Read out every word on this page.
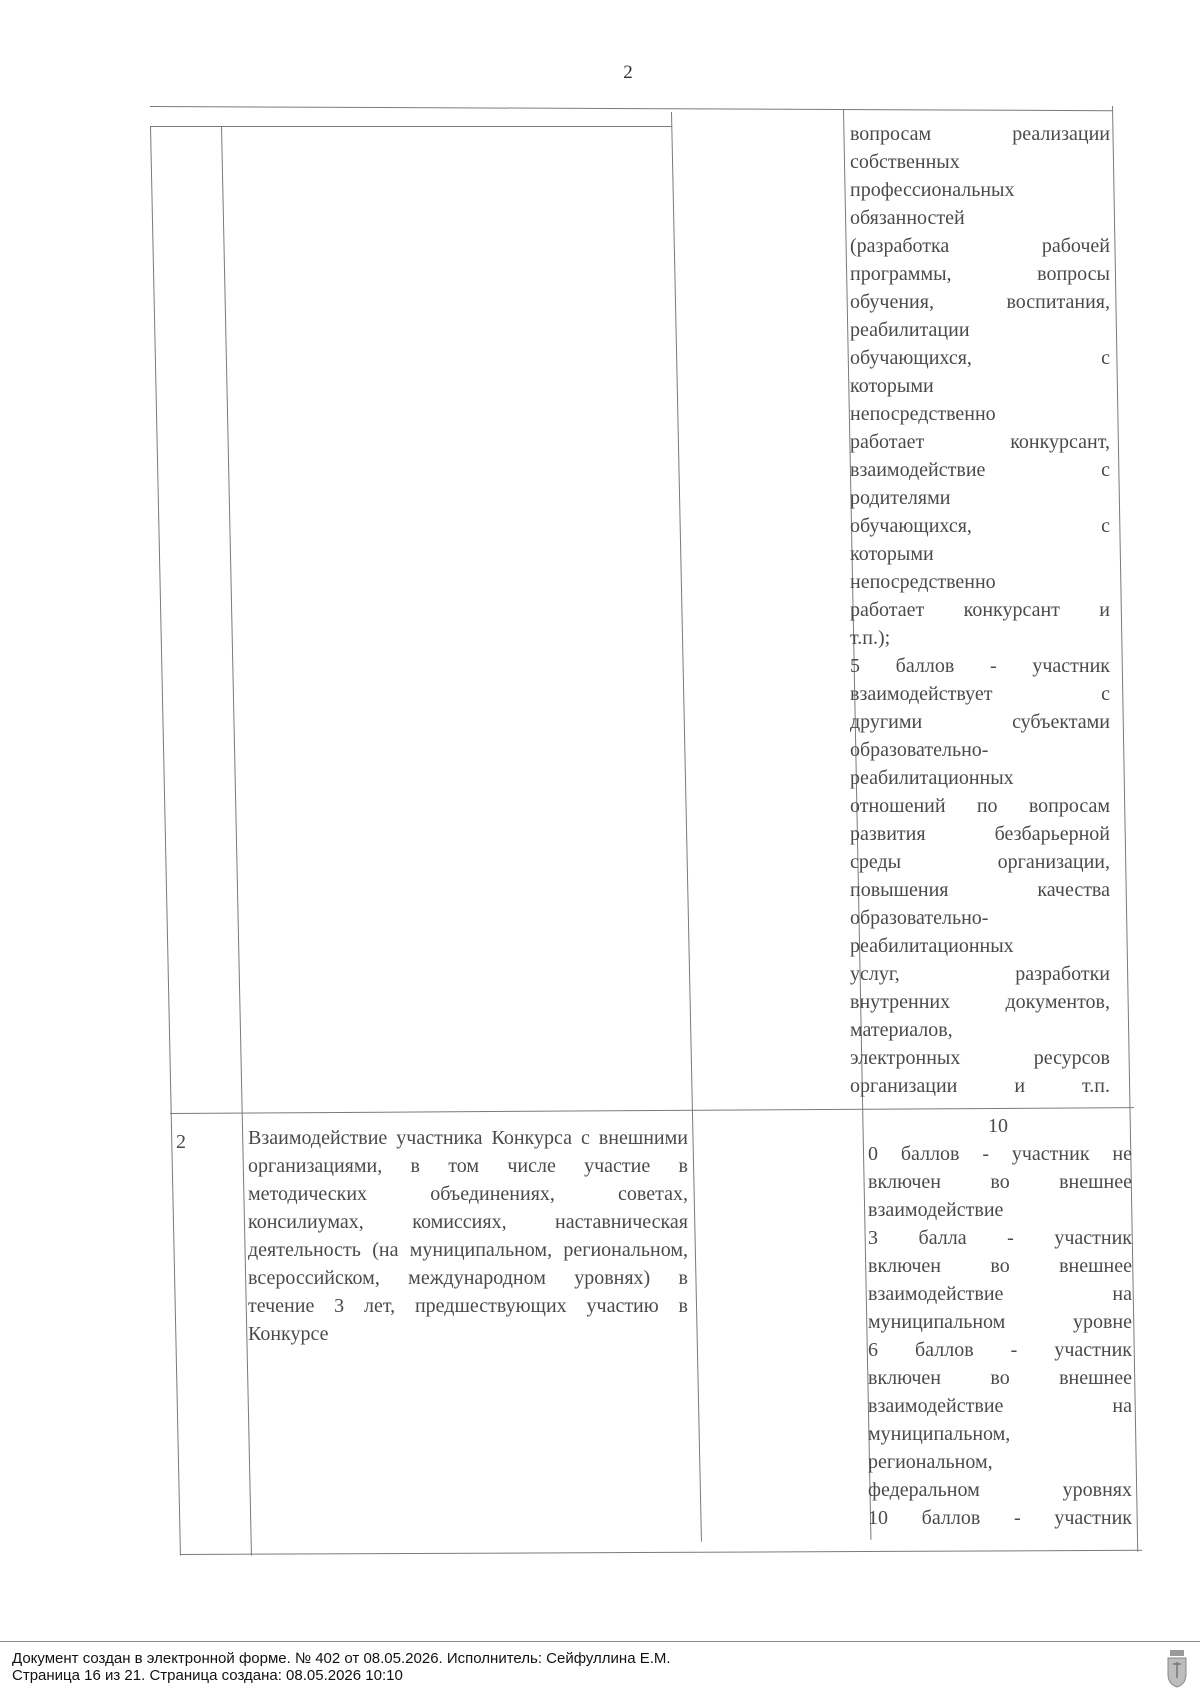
2

вопросам реализации

собственных

профессиональных

обязанностей

(разработка рабочей

программы, вопросы

обучения, воспитания,

реабилитации

обучающихся, с

которыми

непосредственно

работает конкурсант,

взаимодействие с

родителями

обучающихся, с

которыми

непосредственно

работает конкурсант и

т.п.);

5 баллов - участник

взаимодействует с

другими субъектами

образовательно-

реабилитационных

отношений по вопросам

развития безбарьерной

среды организации,

повышения качества

образовательно-

реабилитационных

услуг, разработки

внутренних документов,

материалов,

электронных ресурсов

организации и т.п.

2	Взаимодействие участника Конкурса с внешними организациями, в том числе участие в методических объединениях, советах, консилиумах, комиссиях, наставническая деятельность (на муниципальном, региональном, всероссийском, международном уровнях) в течение 3 лет, предшествующих участию в Конкурсе
10

0 баллов - участник не

включен во внешнее

взаимодействие

3 балла - участник

включен во внешнее

взаимодействие на

муниципальном уровне

6 баллов - участник

включен во внешнее

взаимодействие на

муниципальном,

региональном,

федеральном уровнях

10 баллов - участник

Документ создан в электронной форме. № 402 от 08.05.2026. Исполнитель: Сейфуллина Е.М.
Страница 16 из 21. Страница создана: 08.05.2026 10:10
